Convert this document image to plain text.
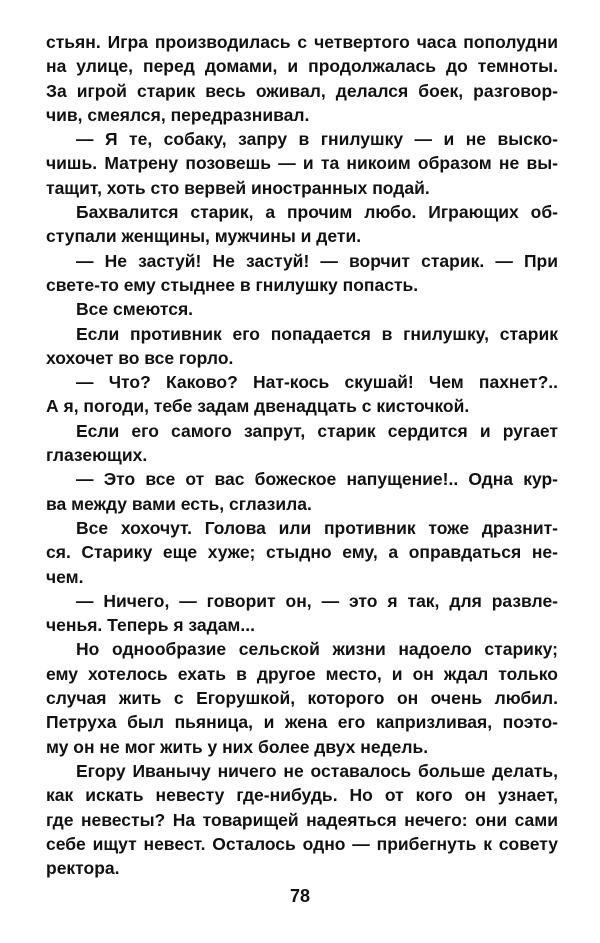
стьян. Игра производилась с четвертого часа пополудни
на улице, перед домами, и продолжалась до темноты.
За игрой старик весь оживал, делался боек, разговор-
чив, смеялся, передразнивал.
— Я те, собаку, запру в гнилушку — и не выско-
чишь. Матрену позовешь — и та никоим образом не вы-
тащит, хоть сто вервей иностранных подай.
Бахвалится старик, а прочим любо. Играющих об-
ступали женщины, мужчины и дети.
— Не застуй! Не застуй! — ворчит старик. — При
свете-то ему стыднее в гнилушку попасть.
Все смеются.
Если противник его попадается в гнилушку, старик
хохочет во все горло.
— Что? Каково? Нат-кось скушай! Чем пахнет?..
А я, погоди, тебе задам двенадцать с кисточкой.
Если его самого запрут, старик сердится и ругает
глазеющих.
— Это все от вас божеское напущение!.. Одна кур-
ва между вами есть, сглазила.
Все хохочут. Голова или противник тоже дразнит-
ся. Старику еще хуже; стыдно ему, а оправдаться не-
чем.
— Ничего, — говорит он, — это я так, для развле-
ченья. Теперь я задам...
Но однообразие сельской жизни надоело старику;
ему хотелось ехать в другое место, и он ждал только
случая жить с Егорушкой, которого он очень любил.
Петруха был пьяница, и жена его капризливая, поэто-
му он не мог жить у них более двух недель.
Егору Иванычу ничего не оставалось больше делать,
как искать невесту где-нибудь. Но от кого он узнает,
где невесты? На товарищей надеяться нечего: они сами
себе ищут невест. Осталось одно — прибегнуть к совету
ректора.
78
